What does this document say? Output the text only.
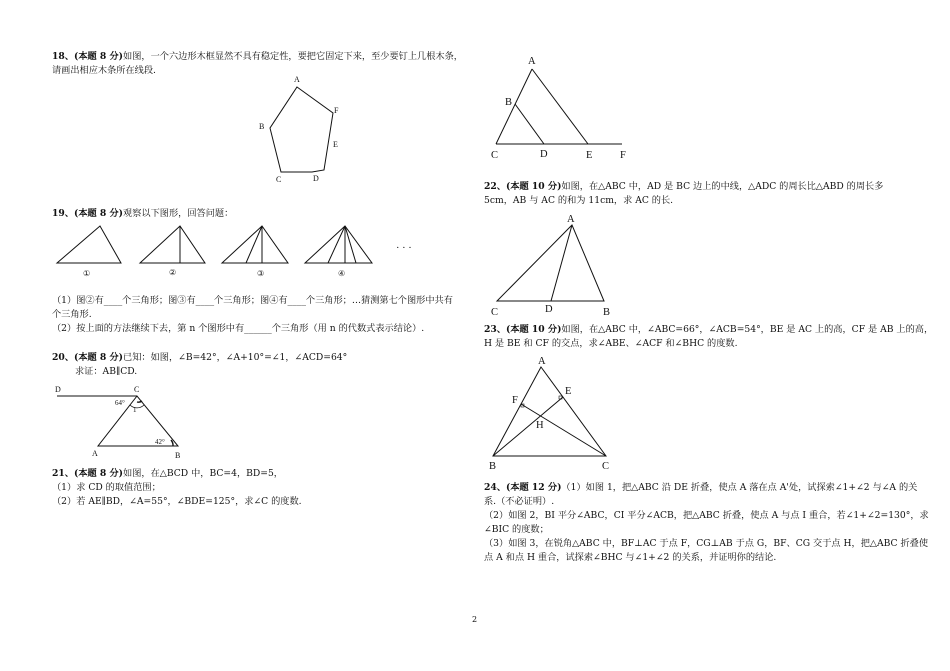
18、(本题 8 分)如图，一个六边形木框显然不具有稳定性，要把它固定下来，至少要钉上几根木条，
请画出相应木条所在线段.
A
F
B
E
C	D
19、(本题 8 分)观察以下图形，回答问题：
①	②	③	④
· · ·
（1）图②有____个三角形；图③有____个三角形；图④有____个三角形；…猜测第七个图形中共有
个三角形.
（2）按上面的方法继续下去，第 n 个图形中有______个三角形（用 n 的代数式表示结论）.
20、(本题 8 分)已知：如图，∠B=42°，∠A+10°=∠1，∠ACD=64°
求证：AB∥CD.
D	C
64°
1
42°
A	B
21、(本题 8 分)如图，在△BCD 中，BC=4，BD=5，
（1）求 CD 的取值范围；
（2）若 AE∥BD，∠A=55°，∠BDE=125°，求∠C 的度数.
A
B
C	D	E	F
22、(本题 10 分)如图，在△ABC 中，AD 是 BC 边上的中线，△ADC 的周长比△ABD 的周长多
5cm，AB 与 AC 的和为 11cm，求 AC 的长.
A
C	D	B
23、(本题 10 分)如图，在△ABC 中，∠ABC=66°，∠ACB=54°，BE 是 AC 上的高，CF 是 AB 上的高，
H 是 BE 和 CF 的交点，求∠ABE、∠ACF 和∠BHC 的度数.
A
E
F
H
B	C
24、(本题 12 分)（1）如图 1，把△ABC 沿 DE 折叠，使点 A 落在点 A'处，试探索∠1+∠2 与∠A 的关
系.（不必证明）.
（2）如图 2，BI 平分∠ABC，CI 平分∠ACB，把△ABC 折叠，使点 A 与点 I 重合，若∠1+∠2=130°，求
∠BIC 的度数；
（3）如图 3，在锐角△ABC 中，BF⊥AC 于点 F，CG⊥AB 于点 G，BF、CG 交于点 H，把△ABC 折叠使
点 A 和点 H 重合，试探索∠BHC 与∠1+∠2 的关系，并证明你的结论.
2
